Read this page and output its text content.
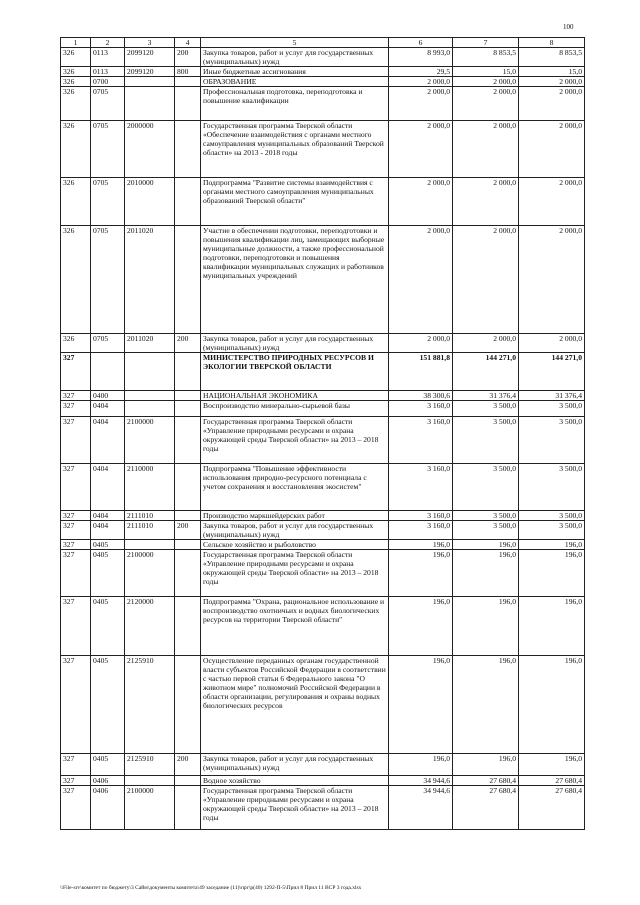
100
1	2	3	4	5	6	7	8
326	0113	2099120	200	Закупка товаров, работ и услуг для государственных (муниципальных) нужд	8 993,0	8 853,5	8 853,5
326	0113	2099120	800	Иные бюджетные ассигнования	29,5	15,0	15,0
326	0700			ОБРАЗОВАНИЕ	2 000,0	2 000,0	2 000,0
326	0705			Профессиональная подготовка, переподготовка и повышение квалификации	2 000,0	2 000,0	2 000,0
326	0705	2000000		Государственная программа Тверской области «Обеспечение взаимодействия с органами местного самоуправления муниципальных образований Тверской области» на 2013 - 2018 годы	2 000,0	2 000,0	2 000,0
326	0705	2010000		Подпрограмма "Развитие системы взаимодействия с органами местного самоуправления муниципальных образований Тверской области"	2 000,0	2 000,0	2 000,0
326	0705	2011020		Участие в обеспечении подготовки, переподготовки и повышения квалификации лиц, замещающих выборные муниципальные должности, а также профессиональной подготовки, переподготовки и повышения квалификации муниципальных служащих и работников муниципальных учреждений	2 000,0	2 000,0	2 000,0
326	0705	2011020	200	Закупка товаров, работ и услуг для государственных (муниципальных) нужд	2 000,0	2 000,0	2 000,0
327				МИНИСТЕРСТВО ПРИРОДНЫХ РЕСУРСОВ И ЭКОЛОГИИ ТВЕРСКОЙ ОБЛАСТИ	151 881,8	144 271,0	144 271,0
327	0400			НАЦИОНАЛЬНАЯ ЭКОНОМИКА	38 300,6	31 376,4	31 376,4
327	0404			Воспроизводство минерально-сырьевой базы	3 160,0	3 500,0	3 500,0
327	0404	2100000		Государственная программа Тверской области «Управление природными ресурсами и охрана окружающей среды Тверской области» на 2013 – 2018 годы	3 160,0	3 500,0	3 500,0
327	0404	2110000		Подпрограмма "Повышение эффективности использования природно-ресурсного потенциала с учетом сохранения и восстановления экосистем"	3 160,0	3 500,0	3 500,0
327	0404	2111010		Производство маркшейдерских работ	3 160,0	3 500,0	3 500,0
327	0404	2111010	200	Закупка товаров, работ и услуг для государственных (муниципальных) нужд	3 160,0	3 500,0	3 500,0
327	0405			Сельское хозяйство и рыболовство	196,0	196,0	196,0
327	0405	2100000		Государственная программа Тверской области «Управление природными ресурсами и охрана окружающей среды Тверской области» на 2013 – 2018 годы	196,0	196,0	196,0
327	0405	2120000		Подпрограмма "Охрана, рациональное использование и воспроизводство охотничьих и водных биологических ресурсов на территории Тверской области"	196,0	196,0	196,0
327	0405	2125910		Осуществление переданных органам государственной власти субъектов Российской Федерации в соответствии с частью первой статьи 6 Федерального закона "О животном мире" полномочий Российской Федерации в области организации, регулирования и охраны водных биологических ресурсов	196,0	196,0	196,0
327	0405	2125910	200	Закупка товаров, работ и услуг для государственных (муниципальных) нужд	196,0	196,0	196,0
327	0406			Водное хозяйство	34 944,6	27 680,4	27 680,4
327	0406	2100000		Государственная программа Тверской области «Управление природными ресурсами и охрана окружающей среды Тверской области» на 2013 – 2018 годы	34 944,6	27 680,4	27 680,4
\\File-srv\комитет по бюджету\3 Сайм\документы комитета\49 заседание (11)\прг\р(40) 1292-П-5\Прил 8 Прил 11 ВСР 3 года.xlsx
